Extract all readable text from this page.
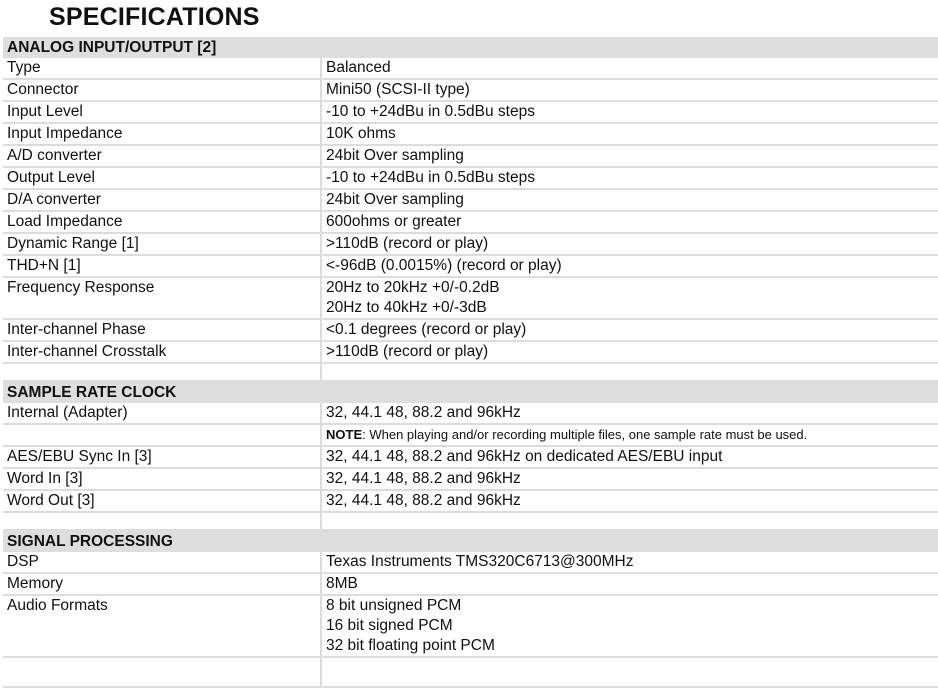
SPECIFICATIONS
ANALOG INPUT/OUTPUT [2]	
Type	Balanced
Connector	Mini50 (SCSI-II type)
Input Level	-10 to +24dBu in 0.5dBu steps
Input Impedance	10K ohms
A/D converter	24bit Over sampling
Output Level	-10 to +24dBu in 0.5dBu steps
D/A converter	24bit Over sampling
Load Impedance	600ohms or greater
Dynamic Range [1]	>110dB (record or play)
THD+N [1]	<-96dB (0.0015%) (record or play)
Frequency Response	20Hz to 20kHz +0/-0.2dB
20Hz to 40kHz +0/-3dB

Inter-channel Phase	<0.1 degrees (record or play)
Inter-channel Crosstalk	>110dB (record or play)

SAMPLE RATE CLOCK	
Internal (Adapter)	32, 44.1 48, 88.2 and 96kHz
	NOTE: When playing and/or recording multiple files, one sample rate must be used.
AES/EBU Sync In [3]	32, 44.1 48, 88.2 and 96kHz on dedicated AES/EBU input
Word In [3]	32, 44.1 48, 88.2 and 96kHz
Word Out [3]	32, 44.1 48, 88.2 and 96kHz

SIGNAL PROCESSING	
DSP	Texas Instruments TMS320C6713@300MHz
Memory	8MB
Audio Formats	8 bit unsigned PCM
16 bit signed PCM
32 bit floating point PCM
